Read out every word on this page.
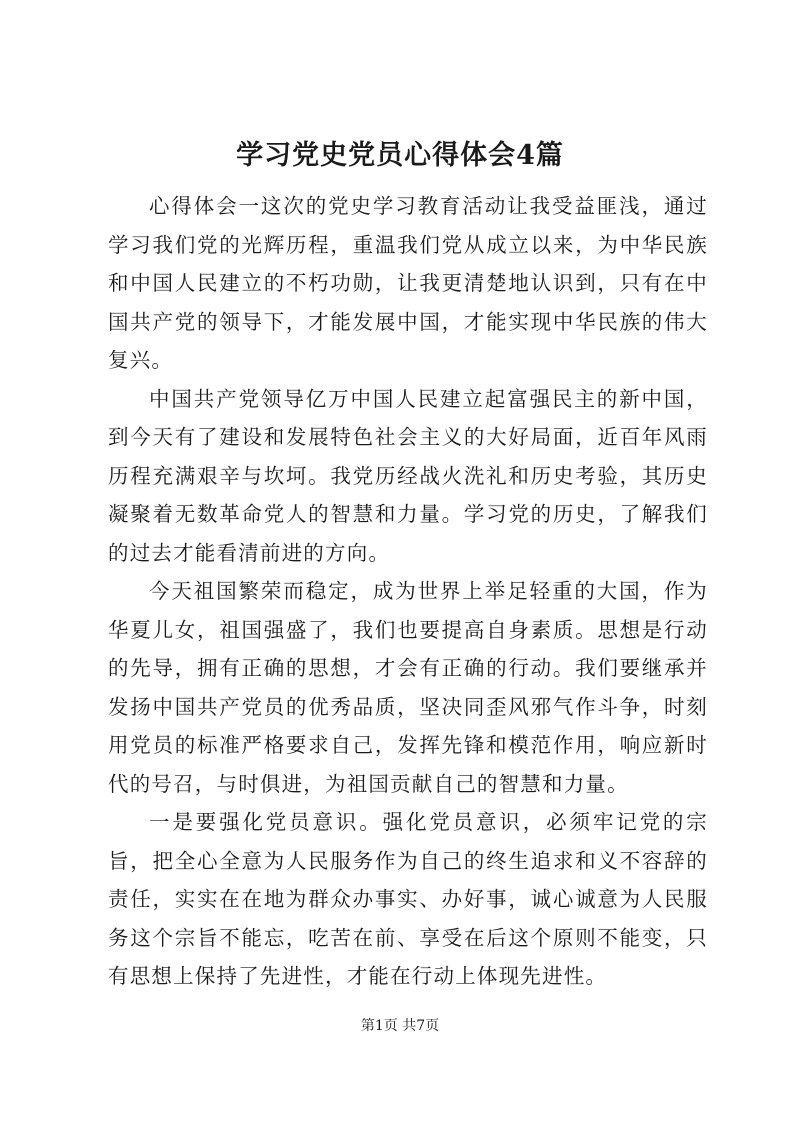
学习党史党员心得体会4篇

心得体会一这次的党史学习教育活动让我受益匪浅，通过学习我们党的光辉历程，重温我们党从成立以来，为中华民族和中国人民建立的不朽功勋，让我更清楚地认识到，只有在中国共产党的领导下，才能发展中国，才能实现中华民族的伟大复兴。

中国共产党领导亿万中国人民建立起富强民主的新中国，到今天有了建设和发展特色社会主义的大好局面，近百年风雨历程充满艰辛与坎坷。我党历经战火洗礼和历史考验，其历史凝聚着无数革命党人的智慧和力量。学习党的历史，了解我们的过去才能看清前进的方向。

今天祖国繁荣而稳定，成为世界上举足轻重的大国，作为华夏儿女，祖国强盛了，我们也要提高自身素质。思想是行动的先导，拥有正确的思想，才会有正确的行动。我们要继承并发扬中国共产党员的优秀品质，坚决同歪风邪气作斗争，时刻用党员的标准严格要求自己，发挥先锋和模范作用，响应新时代的号召，与时俱进，为祖国贡献自己的智慧和力量。

一是要强化党员意识。强化党员意识，必须牢记党的宗旨，把全心全意为人民服务作为自己的终生追求和义不容辞的责任，实实在在地为群众办事实、办好事，诚心诚意为人民服务这个宗旨不能忘，吃苦在前、享受在后这个原则不能变，只有思想上保持了先进性，才能在行动上体现先进性。

第1页 共7页
